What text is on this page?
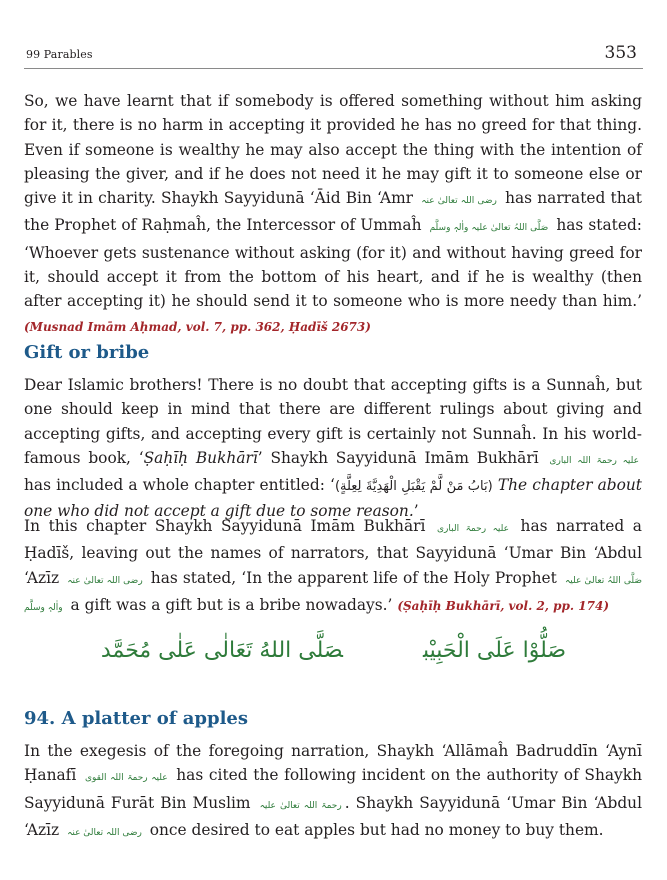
99 Parables	353

So, we have learnt that if somebody is offered something without him asking for it, there is no harm in accepting it provided he has no greed for that thing. Even if someone is wealthy he may also accept the thing with the intention of pleasing the giver, and if he does not need it he may gift it to someone else or give it in charity. Shaykh Sayyidunā ‘Āid Bin ‘Amr رضی اللہ تعالیٰ عنہ has narrated that the Prophet of Raḥmaĥ, the Intercessor of Ummaĥ صَلَّی اللہُ تعالیٰ علیہ واٰلہٖ وسلَّم has stated: ‘Whoever gets sustenance without asking (for it) and without having greed for it, should accept it from the bottom of his heart, and if he is wealthy (then after accepting it) he should send it to someone who is more needy than him.’ (Musnad Imām Aḥmad, vol. 7, pp. 362, Ḥadīš 2673)

Gift or bribe

Dear Islamic brothers! There is no doubt that accepting gifts is a Sunnaĥ, but one should keep in mind that there are different rulings about giving and accepting gifts, and accepting every gift is certainly not Sunnaĥ. In his world-famous book, ‘Ṣaḥīḥ Bukhārī’ Shaykh Sayyidunā Imām Bukhārī علیہ رحمۃ اللہ الباری has included a whole chapter entitled: ‘(بَابُ مَنْ لَّمْ يَقْبَلِ الْهَدِيَّةَ لِعِلَّةٍ) The chapter about one who did not accept a gift due to some reason.’

In this chapter Shaykh Sayyidunā Imām Bukhārī علیہ رحمۃ الباری has narrated a Ḥadīš, leaving out the names of narrators, that Sayyidunā ‘Umar Bin ‘Abdul ‘Azīz رضی اللہ تعالیٰ عنہ has stated, ‘In the apparent life of the Holy Prophet صَلَّی اللہُ تعالیٰ علیہ واٰلہٖ وسلَّم a gift was a gift but is a bribe nowadays.’ (Ṣaḥīḥ Bukhārī, vol. 2, pp. 174)

صَلُّوْا عَلَى الْحَبِيْبصَلَّى اللهُ تَعَالٰى عَلٰى مُحَمَّد
94. A platter of apples

In the exegesis of the foregoing narration, Shaykh ‘Allāmaĥ Badruddīn ‘Aynī Ḥanafī علیہ رحمۃ اللہ القوی has cited the following incident on the authority of Shaykh Sayyidunā Furāt Bin Muslim رحمۃ اللہ تعالیٰ علیہ . Shaykh Sayyidunā ‘Umar Bin ‘Abdul ‘Azīz رضی اللہ تعالیٰ عنہ once desired to eat apples but had no money to buy them.
